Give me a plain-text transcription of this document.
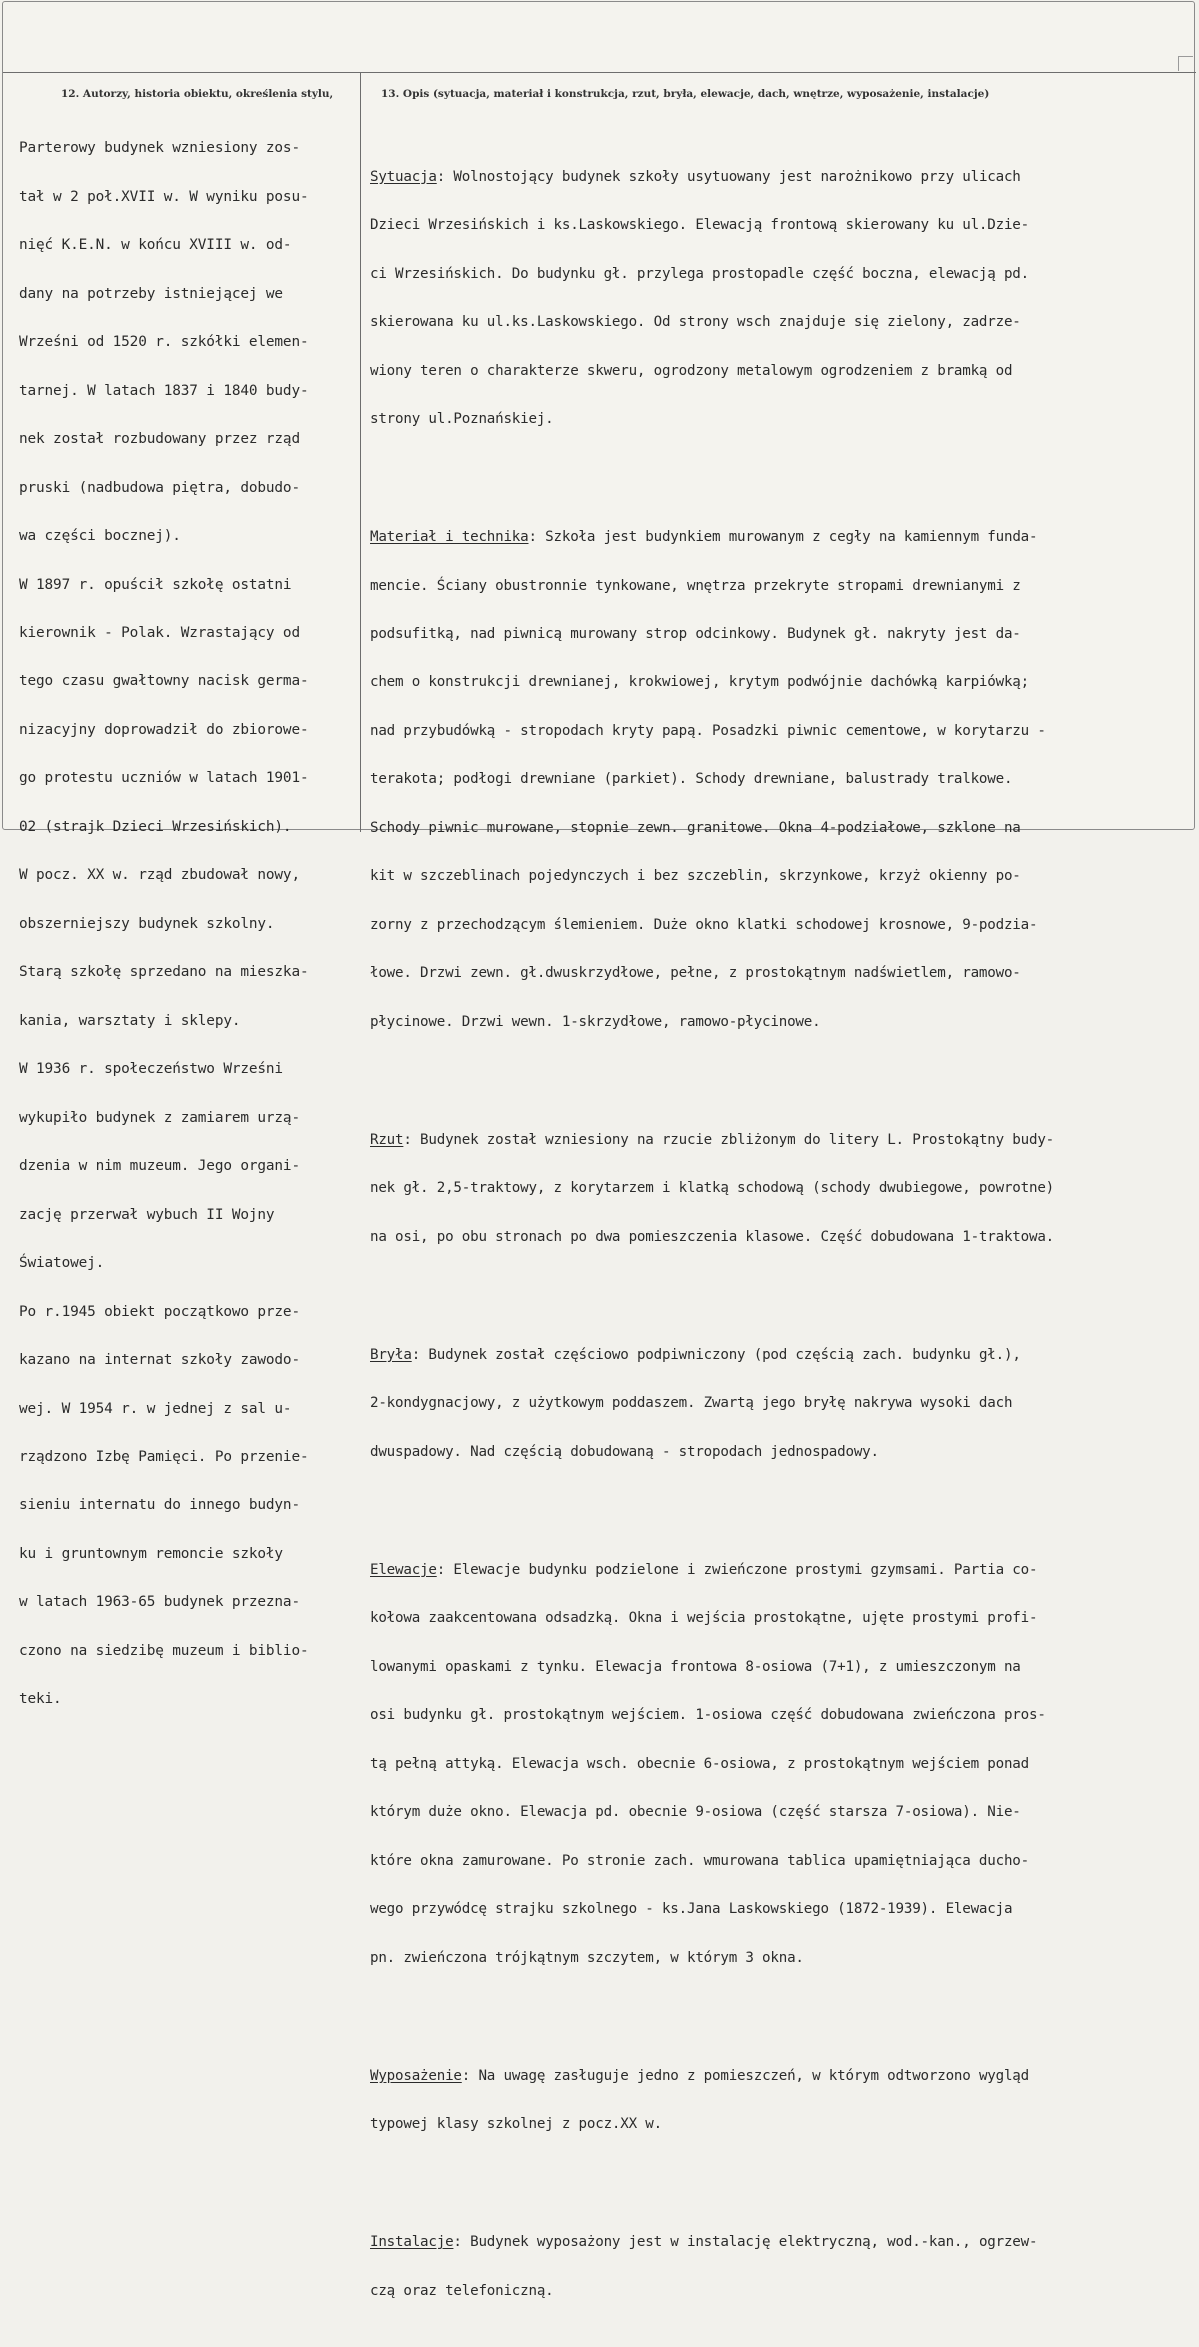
12. Autorzy, historia obiektu, określenia stylu,	13. Opis (sytuacja, materiał i konstrukcja, rzut, bryła, elewacje, dach, wnętrze, wyposażenie, instalacje)

Parterowy budynek wzniesiony zos-

tał w 2 poł.XVII w. W wyniku posu-

nięć K.E.N. w końcu XVIII w. od-

dany na potrzeby istniejącej we

Wrześni od 1520 r. szkółki elemen-

tarnej. W latach 1837 i 1840 budy-

nek został rozbudowany przez rząd

pruski (nadbudowa piętra, dobudo-

wa części bocznej).

W 1897 r. opuścił szkołę ostatni

kierownik - Polak. Wzrastający od

tego czasu gwałtowny nacisk germa-

nizacyjny doprowadził do zbiorowe-

go protestu uczniów w latach 1901-

02 (strajk Dzieci Wrzesińskich).

W pocz. XX w. rząd zbudował nowy,

obszerniejszy budynek szkolny.

Starą szkołę sprzedano na mieszka-

kania, warsztaty i sklepy.

W 1936 r. społeczeństwo Wrześni

wykupiło budynek z zamiarem urzą-

dzenia w nim muzeum. Jego organi-

zację przerwał wybuch II Wojny

Światowej.

Po r.1945 obiekt początkowo prze-

kazano na internat szkoły zawodo-

wej. W 1954 r. w jednej z sal u-

rządzono Izbę Pamięci. Po przenie-

sieniu internatu do innego budyn-

ku i gruntownym remoncie szkoły

w latach 1963-65 budynek przezna-

czono na siedzibę muzeum i biblio-

teki.

Sytuacja: Wolnostojący budynek szkoły usytuowany jest narożnikowo przy ulicach

Dzieci Wrzesińskich i ks.Laskowskiego. Elewacją frontową skierowany ku ul.Dzie-

ci Wrzesińskich. Do budynku gł. przylega prostopadle część boczna, elewacją pd.

skierowana ku ul.ks.Laskowskiego. Od strony wsch znajduje się zielony, zadrze-

wiony teren o charakterze skweru, ogrodzony metalowym ogrodzeniem z bramką od

strony ul.Poznańskiej.

Materiał i technika: Szkoła jest budynkiem murowanym z cegły na kamiennym funda-

mencie. Ściany obustronnie tynkowane, wnętrza przekryte stropami drewnianymi z

podsufitką, nad piwnicą murowany strop odcinkowy. Budynek gł. nakryty jest da-

chem o konstrukcji drewnianej, krokwiowej, krytym podwójnie dachówką karpiówką;

nad przybudówką - stropodach kryty papą. Posadzki piwnic cementowe, w korytarzu -

terakota; podłogi drewniane (parkiet). Schody drewniane, balustrady tralkowe.

Schody piwnic murowane, stopnie zewn. granitowe. Okna 4-podziałowe, szklone na

kit w szczeblinach pojedynczych i bez szczeblin, skrzynkowe, krzyż okienny po-

zorny z przechodzącym ślemieniem. Duże okno klatki schodowej krosnowe, 9-podzia-

łowe. Drzwi zewn. gł.dwuskrzydłowe, pełne, z prostokątnym nadświetlem, ramowo-

płycinowe. Drzwi wewn. 1-skrzydłowe, ramowo-płycinowe.

Rzut: Budynek został wzniesiony na rzucie zbliżonym do litery L. Prostokątny budy-

nek gł. 2,5-traktowy, z korytarzem i klatką schodową (schody dwubiegowe, powrotne)

na osi, po obu stronach po dwa pomieszczenia klasowe. Część dobudowana 1-traktowa.

Bryła: Budynek został częściowo podpiwniczony (pod częścią zach. budynku gł.),

2-kondygnacjowy, z użytkowym poddaszem. Zwartą jego bryłę nakrywa wysoki dach

dwuspadowy. Nad częścią dobudowaną - stropodach jednospadowy.

Elewacje: Elewacje budynku podzielone i zwieńczone prostymi gzymsami. Partia co-

kołowa zaakcentowana odsadzką. Okna i wejścia prostokątne, ujęte prostymi profi-

lowanymi opaskami z tynku. Elewacja frontowa 8-osiowa (7+1), z umieszczonym na

osi budynku gł. prostokątnym wejściem. 1-osiowa część dobudowana zwieńczona pros-

tą pełną attyką. Elewacja wsch. obecnie 6-osiowa, z prostokątnym wejściem ponad

którym duże okno. Elewacja pd. obecnie 9-osiowa (część starsza 7-osiowa). Nie-

które okna zamurowane. Po stronie zach. wmurowana tablica upamiętniająca ducho-

wego przywódcę strajku szkolnego - ks.Jana Laskowskiego (1872-1939). Elewacja

pn. zwieńczona trójkątnym szczytem, w którym 3 okna.

Wyposażenie: Na uwagę zasługuje jedno z pomieszczeń, w którym odtworzono wygląd

typowej klasy szkolnej z pocz.XX w.

Instalacje: Budynek wyposażony jest w instalację elektryczną, wod.-kan., ogrzew-

czą oraz telefoniczną.
